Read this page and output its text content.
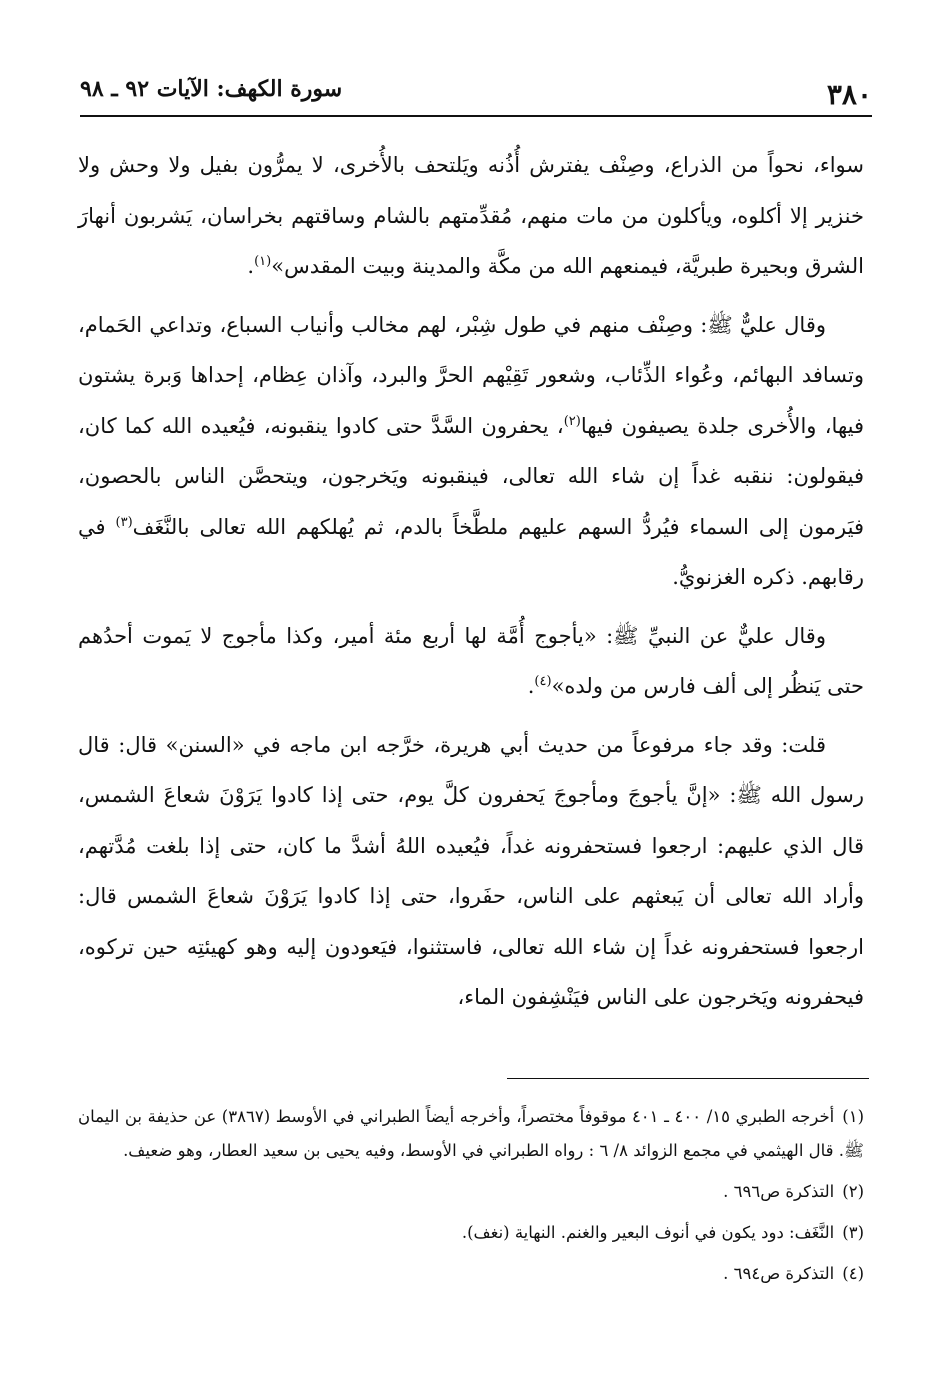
٣٨٠
سورة الكهف: الآيات ٩٢ ـ ٩٨

سواء، نحواً من الذراع، وصِنْف يفترش أُذُنه ويَلتحف بالأُخرى، لا يمرُّون بفيل ولا وحش ولا خنزير إلا أكلوه، ويأكلون من مات منهم، مُقدِّمتهم بالشام وساقتهم بخراسان، يَشربون أنهارَ الشرق وبحيرة طبريَّة، فيمنعهم الله من مكَّة والمدينة وبيت المقدس»$^{(١)}$.

وقال عليٌّ ﷺ: وصِنْف منهم في طول شِبْر، لهم مخالب وأنياب السباع، وتداعي الحَمام، وتسافد البهائم، وعُواء الذِّئاب، وشعور تَقِيْهم الحرَّ والبرد، وآذان عِظام، إحداها وَبرة يشتون فيها، والأُخرى جلدة يصيفون فيها$^{(٢)}$، يحفرون السَّدَّ حتى كادوا ينقبونه، فيُعيده الله كما كان، فيقولون: ننقبه غداً إن شاء الله تعالى، فينقبونه ويَخرجون، ويتحصَّن الناس بالحصون، فيَرمون إلى السماء فيُردُّ السهم عليهم ملطَّخاً بالدم، ثم يُهلكهم الله تعالى بالنَّغَف$^{(٣)}$ في رقابهم. ذكره الغزنويُّ.

وقال عليٌّ عن النبيِّ ﷺ: «يأجوج أُمَّة لها أربع مئة أمير، وكذا مأجوج لا يَموت أحدُهم حتى يَنظُر إلى ألف فارس من ولده»$^{(٤)}$.

قلت: وقد جاء مرفوعاً من حديث أبي هريرة، خرَّجه ابن ماجه في «السنن» قال: قال رسول الله ﷺ: «إنَّ يأجوجَ ومأجوجَ يَحفرون كلَّ يوم، حتى إذا كادوا يَرَوْنَ شعاعَ الشمس، قال الذي عليهم: ارجعوا فستحفرونه غداً، فيُعيده اللهُ أشدَّ ما كان، حتى إذا بلغت مُدَّتهم، وأراد الله تعالى أن يَبعثهم على الناس، حفَروا، حتى إذا كادوا يَرَوْنَ شعاعَ الشمس قال: ارجعوا فستحفرونه غداً إن شاء الله تعالى، فاستثنوا، فيَعودون إليه وهو كهيئتِه حين تركوه، فيحفرونه ويَخرجون على الناس فيَنْشِفون الماء،

(١)أخرجه الطبري ١٥/ ٤٠٠ ـ ٤٠١ موقوفاً مختصراً، وأخرجه أيضاً الطبراني في الأوسط (٣٨٦٧) عن حذيفة بن اليمان ﷺ. قال الهيثمي في مجمع الزوائد ٨/ ٦ : رواه الطبراني في الأوسط، وفيه يحيى بن سعيد العطار، وهو ضعيف.
(٢)التذكرة ص٦٩٦ .
(٣)النَّغَف: دود يكون في أنوف البعير والغنم. النهاية (نغف).
(٤)التذكرة ص٦٩٤ .
